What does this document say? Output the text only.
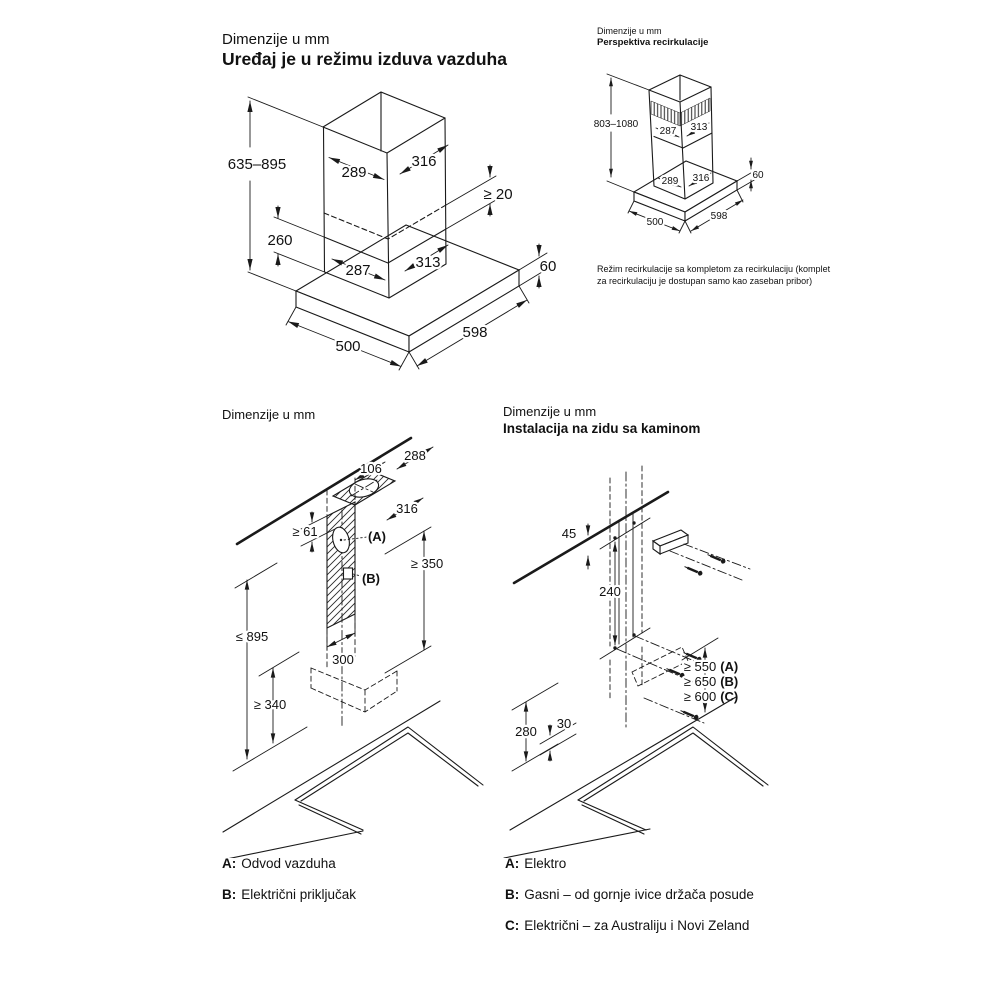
Dimenzije u mm
Uređaj je u režimu izduva vazduha
Dimenzije u mm
Perspektiva recirkulacije
Režim recirkulacije sa kompletom za recirkulaciju (komplet za recirkulaciju je dostupan samo kao zaseban pribor)
Dimenzije u mm	Dimenzije u mm
Instalacija na zidu sa kaminom
635–895	289
316
≥ 20
260
287	313	60
500
598
803–1080
287 313
289 316	60
500
598
(A)
(B)
106
288
316
≥ 61
≥ 350
≤ 895
300
≥ 340
45
240
≥ 550 (A)
≥ 650 (B)
≥ 600 (C)
280
30
A: Odvod vazduha
B: Električni priključak
A: Elektro
B: Gasni – od gornje ivice držača posude
C: Električni – za Australiju i Novi Zeland
